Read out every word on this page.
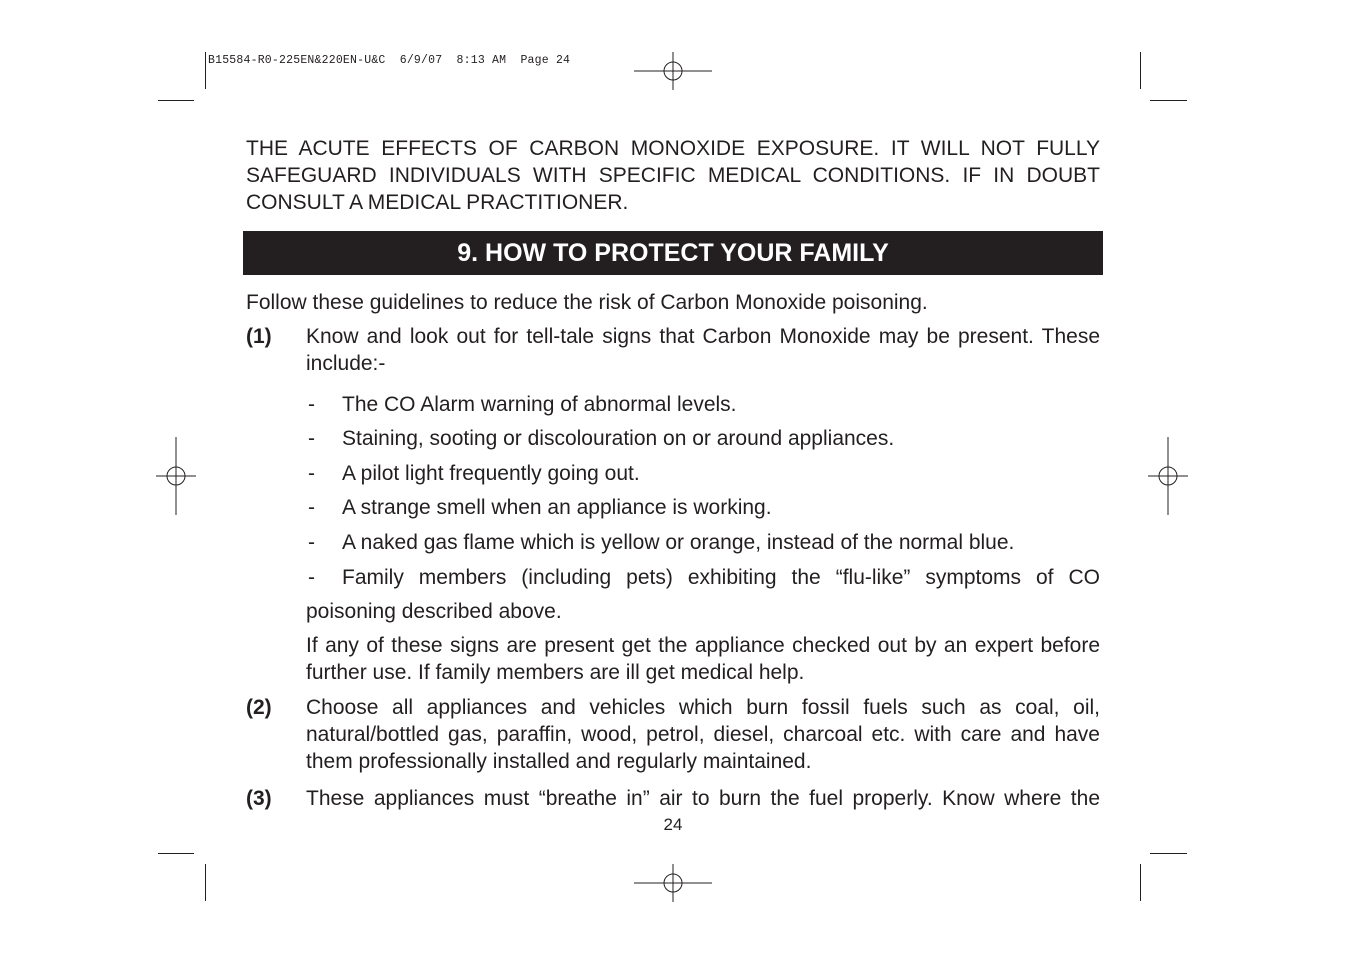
B15584-R0-225EN&220EN-U&C  6/9/07  8:13 AM  Page 24
THE ACUTE EFFECTS OF CARBON MONOXIDE EXPOSURE. IT WILL NOT FULLY
SAFEGUARD INDIVIDUALS WITH SPECIFIC MEDICAL CONDITIONS. IF IN DOUBT
CONSULT A MEDICAL PRACTITIONER.
9. HOW TO PROTECT YOUR FAMILY
Follow these guidelines to reduce the risk of Carbon Monoxide poisoning.
(1) Know and look out for tell-tale signs that Carbon Monoxide may be present. These include:-
- The CO Alarm warning of abnormal levels.
- Staining, sooting or discolouration on or around appliances.
- A pilot light frequently going out.
- A strange smell when an appliance is working.
- A naked gas flame which is yellow or orange, instead of the normal blue.
- Family members (including pets) exhibiting the “flu-like” symptoms of CO
poisoning described above.
If any of these signs are present get the appliance checked out by an expert before further use. If family members are ill get medical help.
(2) Choose all appliances and vehicles which burn fossil fuels such as coal, oil, natural/bottled gas, paraffin, wood, petrol, diesel, charcoal etc. with care and have them professionally installed and regularly maintained.
(3) These appliances must “breathe in” air to burn the fuel properly. Know where the
24
